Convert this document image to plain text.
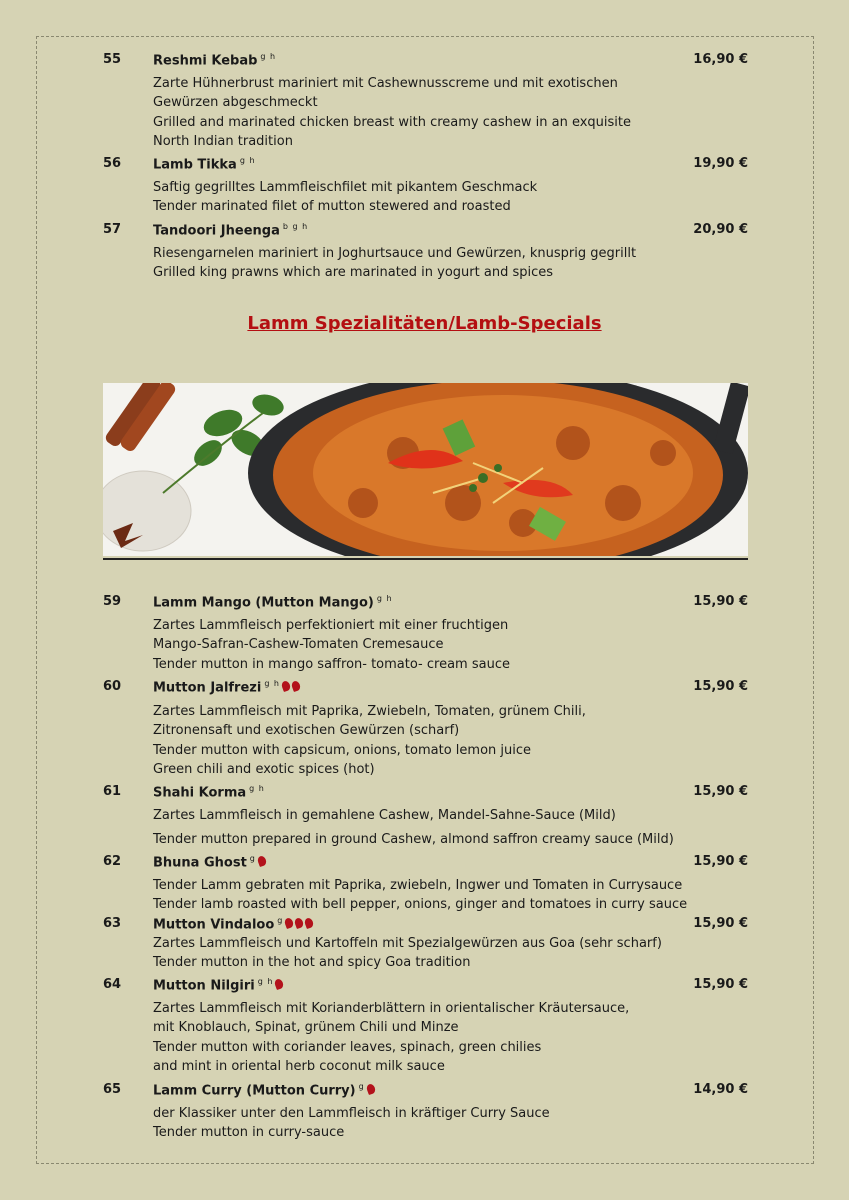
55 Reshmi Kebab $^{g h}$	16,90 €
Zarte Hühnerbrust mariniert mit Cashewnusscreme und mit exotischen
Gewürzen abgeschmeckt
Grilled and marinated chicken breast with creamy cashew in an exquisite
North Indian tradition
56 Lamb Tikka $^{g h}$	19,90 €
Saftig gegrilltes Lammfleischfilet mit pikantem Geschmack
Tender marinated filet of mutton stewered and roasted
57 Tandoori Jheenga $^{b g h}$	20,90 €
Riesengarnelen mariniert in Joghurtsauce und Gewürzen, knusprig gegrillt
Grilled king prawns which are marinated in yogurt and spices
59 Lamm Mango (Mutton Mango) $^{g h}$	15,90 €
Zartes Lammfleisch perfektioniert mit einer fruchtigen
Mango-Safran-Cashew-Tomaten Cremesauce
Tender mutton in mango saffron- tomato- cream sauce
60 Mutton Jalfrezi $^{g h}$	15,90 €
Zartes Lammfleisch mit Paprika, Zwiebeln, Tomaten, grünem Chili,
Zitronensaft und exotischen Gewürzen (scharf)
Tender mutton with capsicum, onions, tomato lemon juice
Green chili and exotic spices (hot)
61 Shahi Korma $^{g h}$	15,90 €
Zartes Lammfleisch in gemahlene Cashew, Mandel-Sahne-Sauce (Mild)
Tender mutton prepared in ground Cashew, almond saffron creamy sauce (Mild)
62 Bhuna Ghost $^g$	15,90 €
Tender Lamm gebraten mit Paprika, zwiebeln, Ingwer und Tomaten in Currysauce
Tender lamb roasted with bell pepper, onions, ginger and tomatoes in curry sauce
63 Mutton Vindaloo $^g$	15,90 €
Zartes Lammfleisch und Kartoffeln mit Spezialgewürzen aus Goa (sehr scharf)
Tender mutton in the hot and spicy Goa tradition
64 Mutton Nilgiri $^{g h}$	15,90 €
Zartes Lammfleisch mit Korianderblättern in orientalischer Kräutersauce,
mit Knoblauch, Spinat, grünem Chili und Minze
Tender mutton with coriander leaves, spinach, green chilies
and mint in oriental herb coconut milk sauce
65 Lamm Curry (Mutton Curry) $^g$	14,90 €
der Klassiker unter den Lammfleisch in kräftiger Curry Sauce
Tender mutton in curry-sauce
Lamm Spezialitäten/Lamb-Specials
